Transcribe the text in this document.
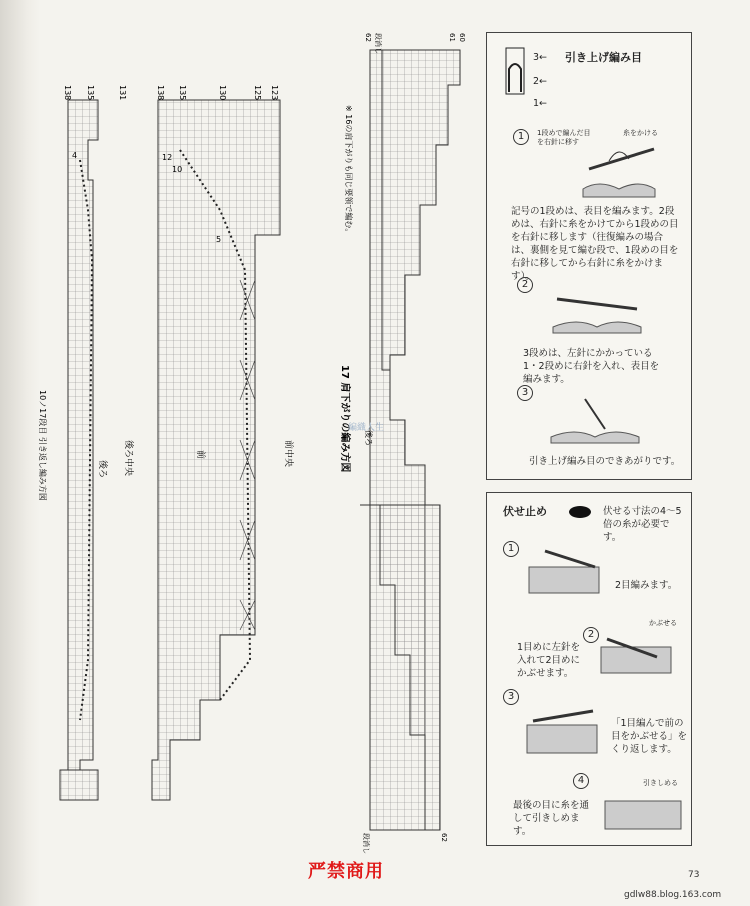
138 135	131	138 135	130	125 123
4	12
10
5
後ろ 後ろ中央	前	前中央
10ノ17段目 引き返し編み方図
62 段消し	61 60
段消し	62
17 肩下がりの編み方図
※ 16の肩下がりも同じ要領で編む。
後ろ
編織人生
3←
2←
1←
引き上げ編み目
1	1段めで編んだ目を右針に移す
糸をかける
記号の1段めは、表目を編みます。2段めは、右針に糸をかけてから1段めの目を右針に移します（往復編みの場合は、裏側を見て編む段で、1段めの目を右針に移してから右針に糸をかけます）。
2
3段めは、左針にかかっている1・2段めに右針を入れ、表目を編みます。
3
引き上げ編み目のできあがりです。
伏せ止め	伏せる寸法の4〜5倍の糸が必要です。
1
2目編みます。
2
かぶせる
1目めに左針を入れて2目めにかぶせます。
3
「1目編んで前の目をかぶせる」をくり返します。
4	引きしめる
最後の目に糸を通して引きしめます。
73
严禁商用
gdlw88.blog.163.com
